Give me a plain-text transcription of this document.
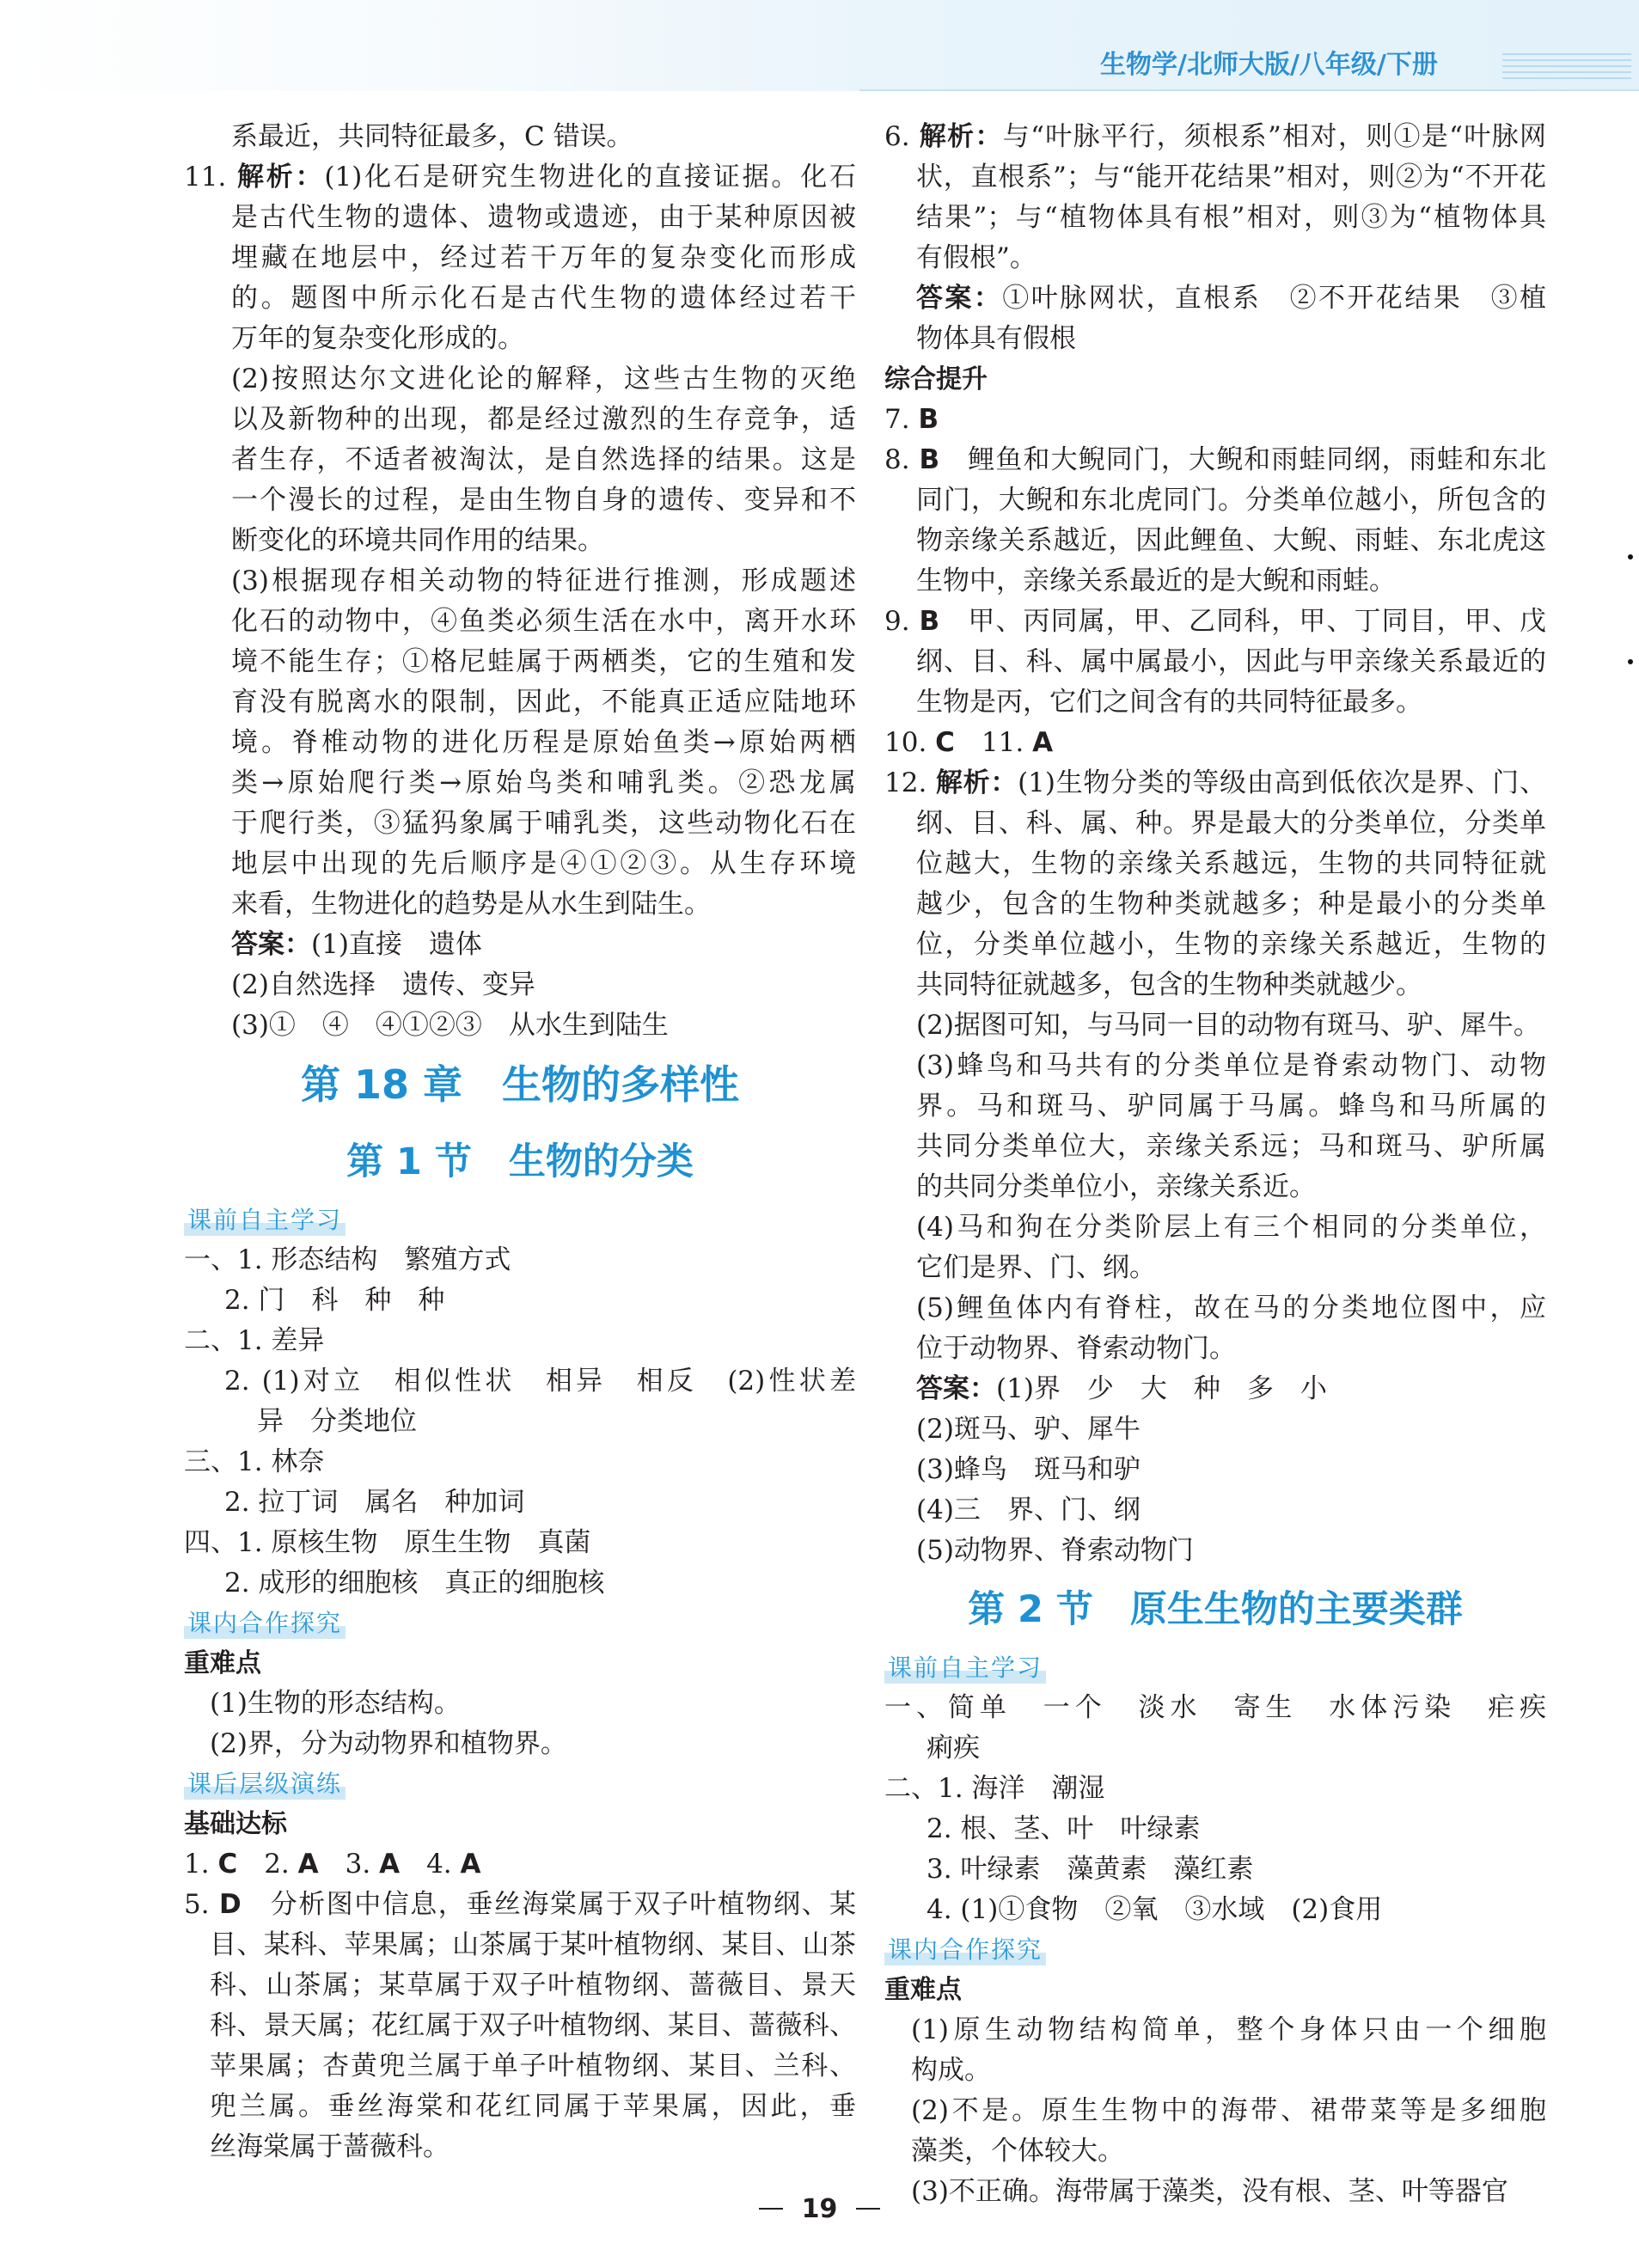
生物学/北师大版/八年级/下册
系最近，共同特征最多，C 错误。
11. 解析：(1)化石是研究生物进化的直接证据。化石
是古代生物的遗体、遗物或遗迹，由于某种原因被
埋藏在地层中，经过若干万年的复杂变化而形成
的。题图中所示化石是古代生物的遗体经过若干
万年的复杂变化形成的。
(2)按照达尔文进化论的解释，这些古生物的灭绝
以及新物种的出现，都是经过激烈的生存竞争，适
者生存，不适者被淘汰，是自然选择的结果。这是
一个漫长的过程，是由生物自身的遗传、变异和不
断变化的环境共同作用的结果。
(3)根据现存相关动物的特征进行推测，形成题述
化石的动物中，④鱼类必须生活在水中，离开水环
境不能生存；①格尼蛙属于两栖类，它的生殖和发
育没有脱离水的限制，因此，不能真正适应陆地环
境。脊椎动物的进化历程是原始鱼类→原始两栖
类→原始爬行类→原始鸟类和哺乳类。②恐龙属
于爬行类，③猛犸象属于哺乳类，这些动物化石在
地层中出现的先后顺序是④①②③。从生存环境
来看，生物进化的趋势是从水生到陆生。
答案：(1)直接　遗体
(2)自然选择　遗传、变异
(3)①　④　④①②③　从水生到陆生
第 18 章　生物的多样性
第 1 节　生物的分类
课前自主学习
一、1. 形态结构　繁殖方式
2. 门　科　种　种
二、1. 差异
2. (1)对立　相似性状　相异　相反　(2)性状差
异　分类地位
三、1. 林奈
2. 拉丁词　属名　种加词
四、1. 原核生物　原生生物　真菌
2. 成形的细胞核　真正的细胞核
课内合作探究
重难点
(1)生物的形态结构。
(2)界，分为动物界和植物界。
课后层级演练
基础达标
1. C　2. A　3. A　4. A
5. D　分析图中信息，垂丝海棠属于双子叶植物纲、某
目、某科、苹果属；山茶属于某叶植物纲、某目、山茶
科、山茶属；某草属于双子叶植物纲、蔷薇目、景天
科、景天属；花红属于双子叶植物纲、某目、蔷薇科、
苹果属；杏黄兜兰属于单子叶植物纲、某目、兰科、
兜兰属。垂丝海棠和花红同属于苹果属，因此，垂
丝海棠属于蔷薇科。
6. 解析：与“叶脉平行，须根系”相对，则①是“叶脉网
状，直根系”；与“能开花结果”相对，则②为“不开花
结果”；与“植物体具有根”相对，则③为“植物体具
有假根”。
答案：①叶脉网状，直根系　②不开花结果　③植
物体具有假根
综合提升
7. B
8. B　鲤鱼和大鲵同门，大鲵和雨蛙同纲，雨蛙和东北
同门，大鲵和东北虎同门。分类单位越小，所包含的
物亲缘关系越近，因此鲤鱼、大鲵、雨蛙、东北虎这
生物中，亲缘关系最近的是大鲵和雨蛙。
9. B　甲、丙同属，甲、乙同科，甲、丁同目，甲、戊
纲、目、科、属中属最小，因此与甲亲缘关系最近的
生物是丙，它们之间含有的共同特征最多。
10. C　11. A
12. 解析：(1)生物分类的等级由高到低依次是界、门、
纲、目、科、属、种。界是最大的分类单位，分类单
位越大，生物的亲缘关系越远，生物的共同特征就
越少，包含的生物种类就越多；种是最小的分类单
位，分类单位越小，生物的亲缘关系越近，生物的
共同特征就越多，包含的生物种类就越少。
(2)据图可知，与马同一目的动物有斑马、驴、犀牛。
(3)蜂鸟和马共有的分类单位是脊索动物门、动物
界。马和斑马、驴同属于马属。蜂鸟和马所属的
共同分类单位大，亲缘关系远；马和斑马、驴所属
的共同分类单位小，亲缘关系近。
(4)马和狗在分类阶层上有三个相同的分类单位，
它们是界、门、纲。
(5)鲤鱼体内有脊柱，故在马的分类地位图中，应
位于动物界、脊索动物门。
答案：(1)界　少　大　种　多　小
(2)斑马、驴、犀牛
(3)蜂鸟　斑马和驴
(4)三　界、门、纲
(5)动物界、脊索动物门
第 2 节　原生生物的主要类群
课前自主学习
一、简单　一个　淡水　寄生　水体污染　疟疾
痢疾
二、1. 海洋　潮湿
2. 根、茎、叶　叶绿素
3. 叶绿素　藻黄素　藻红素
4. (1)①食物　②氧　③水域　(2)食用
课内合作探究
重难点
(1)原生动物结构简单，整个身体只由一个细胞
构成。
(2)不是。原生生物中的海带、裙带菜等是多细胞
藻类，个体较大。
(3)不正确。海带属于藻类，没有根、茎、叶等器官
19
